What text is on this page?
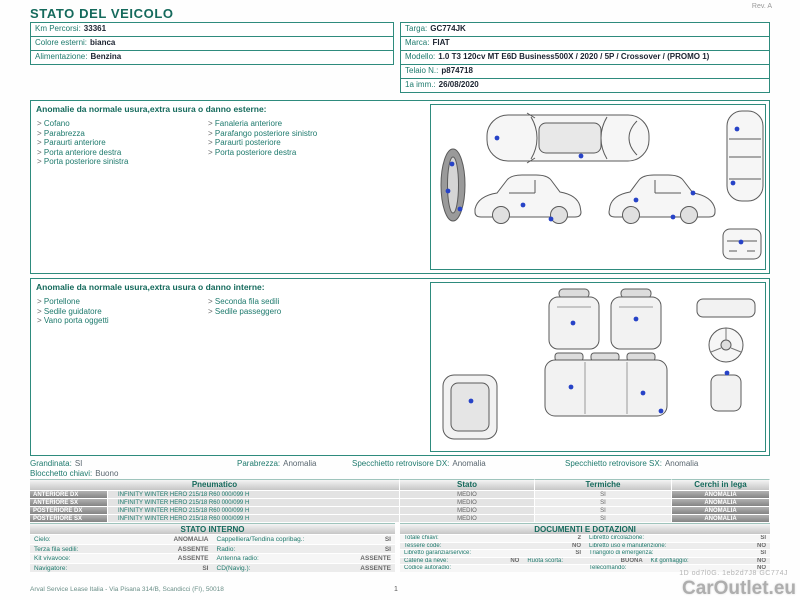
STATO DEL VEICOLO	Rev. A
Km Percorsi: 33361
Colore esterni: bianca
Alimentazione: Benzina
Targa: GC774JK
Marca: FIAT
Modello: 1.0 T3 120cv MT E6D Business500X / 2020 / 5P / Crossover / (PROMO 1)
Telaio N.: p874718
1a imm.: 26/08/2020
Anomalie da normale usura,extra usura o danno esterne:
> Cofano
> Parabrezza
> Paraurti anteriore
> Porta anteriore destra
> Porta posteriore sinistra
> Fanaleria anteriore
> Parafango posteriore sinistro
> Paraurti posteriore
> Porta posteriore destra
Anomalie da normale usura,extra usura o danno interne:
> Portellone
> Sedile guidatore
> Vano porta oggetti
> Seconda fila sedili
> Sedile passeggero
Grandinata: SI	Parabrezza: Anomalia	Specchietto retrovisore DX: Anomalia	Specchietto retrovisore SX: Anomalia
Blocchetto chiavi: Buono
Pneumatico	Stato	Termiche	Cerchi in lega
ANTERIORE DX	INFINITY WINTER HERO 215/18 R60 000/099 H	MEDIO	SI	ANOMALIA
ANTERIORE SX	INFINITY WINTER HERO 215/18 R60 000/099 H	MEDIO	SI	ANOMALIA
POSTERIORE DX	INFINITY WINTER HERO 215/18 R60 000/099 H	MEDIO	SI	ANOMALIA
POSTERIORE SX	INFINITY WINTER HERO 215/18 R60 000/099 H	MEDIO	SI	ANOMALIA
STATO INTERNO
Cielo:	ANOMALIA Cappelliera/Tendina copribag.:	SI
Terza fila sedili:	ASSENTE Radio:	SI
Kit vivavoce:	ASSENTE Antenna radio:	ASSENTE
Navigatore:	SI CD(Navig.):	ASSENTE
DOCUMENTI E DOTAZIONI
Totale chiavi:	2 Libretto circolazione:	SI
Tessere code:	NO Libretto uso e manutenzione:	NO
Libretto garanzia/service:	SI Triangolo di emergenza:	SI
Catene da neve:	NO Ruota scorta:	BUONA Kit gonfiaggio:	NO
Codice autoradio:	Telecomando:	NO
Arval Service Lease Italia - Via Pisana 314/B, Scandicci (FI), 50018	1
1D od7l0G. 1eb2d7J8 GC774J
CarOutlet.eu
